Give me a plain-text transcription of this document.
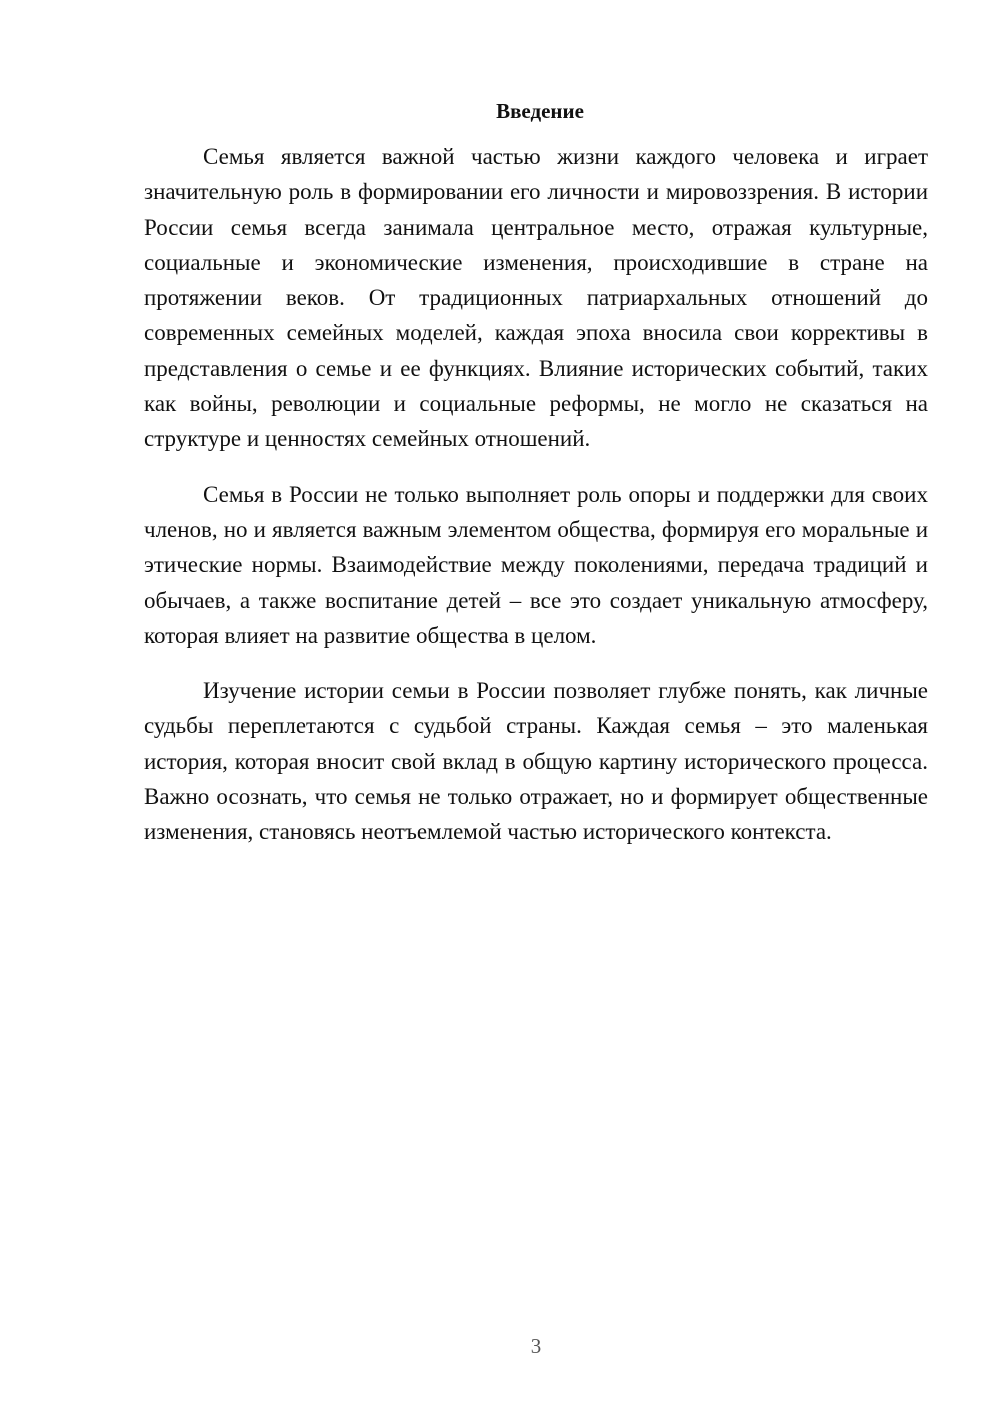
Введение

Семья является важной частью жизни каждого человека и играет значительную роль в формировании его личности и мировоззрения. В истории России семья всегда занимала центральное место, отражая культурные, социальные и экономические изменения, происходившие в стране на протяжении веков. От традиционных патриархальных отношений до современных семейных моделей, каждая эпоха вносила свои коррективы в представления о семье и ее функциях. Влияние исторических событий, таких как войны, революции и социальные реформы, не могло не сказаться на структуре и ценностях семейных отношений.

Семья в России не только выполняет роль опоры и поддержки для своих членов, но и является важным элементом общества, формируя его моральные и этические нормы. Взаимодействие между поколениями, передача традиций и обычаев, а также воспитание детей – все это создает уникальную атмосферу, которая влияет на развитие общества в целом.

Изучение истории семьи в России позволяет глубже понять, как личные судьбы переплетаются с судьбой страны. Каждая семья – это маленькая история, которая вносит свой вклад в общую картину исторического процесса. Важно осознать, что семья не только отражает, но и формирует общественные изменения, становясь неотъемлемой частью исторического контекста.

3
